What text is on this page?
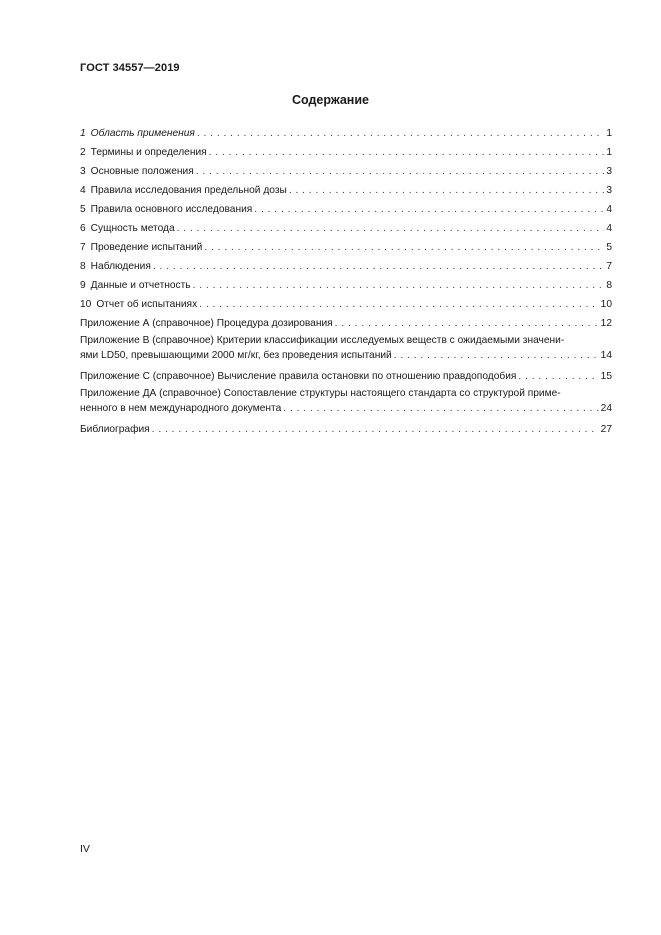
ГОСТ 34557—2019
Содержание
1 Область применения . . .	1
2 Термины и определения . . .	1
3 Основные положения . . .	3
4 Правила исследования предельной дозы . . .	3
5 Правила основного исследования . . .	4
6 Сущность метода . . .	4
7 Проведение испытаний . . .	5
8 Наблюдения . . .	7
9 Данные и отчетность . . .	8
10 Отчет об испытаниях . . .	10
Приложение А (справочное) Процедура дозирования . . .	12
Приложение В (справочное) Критерии классификации исследуемых веществ с ожидаемыми значени-
ями LD50, превышающими 2000 мг/кг, без проведения испытаний . . .	14
Приложение С (справочное) Вычисление правила остановки по отношению правдоподобия . . .	15
Приложение ДА (справочное) Сопоставление структуры настоящего стандарта со структурой приме-
ненного в нем международного документа . . .	24
Библиография . . .	27
IV
